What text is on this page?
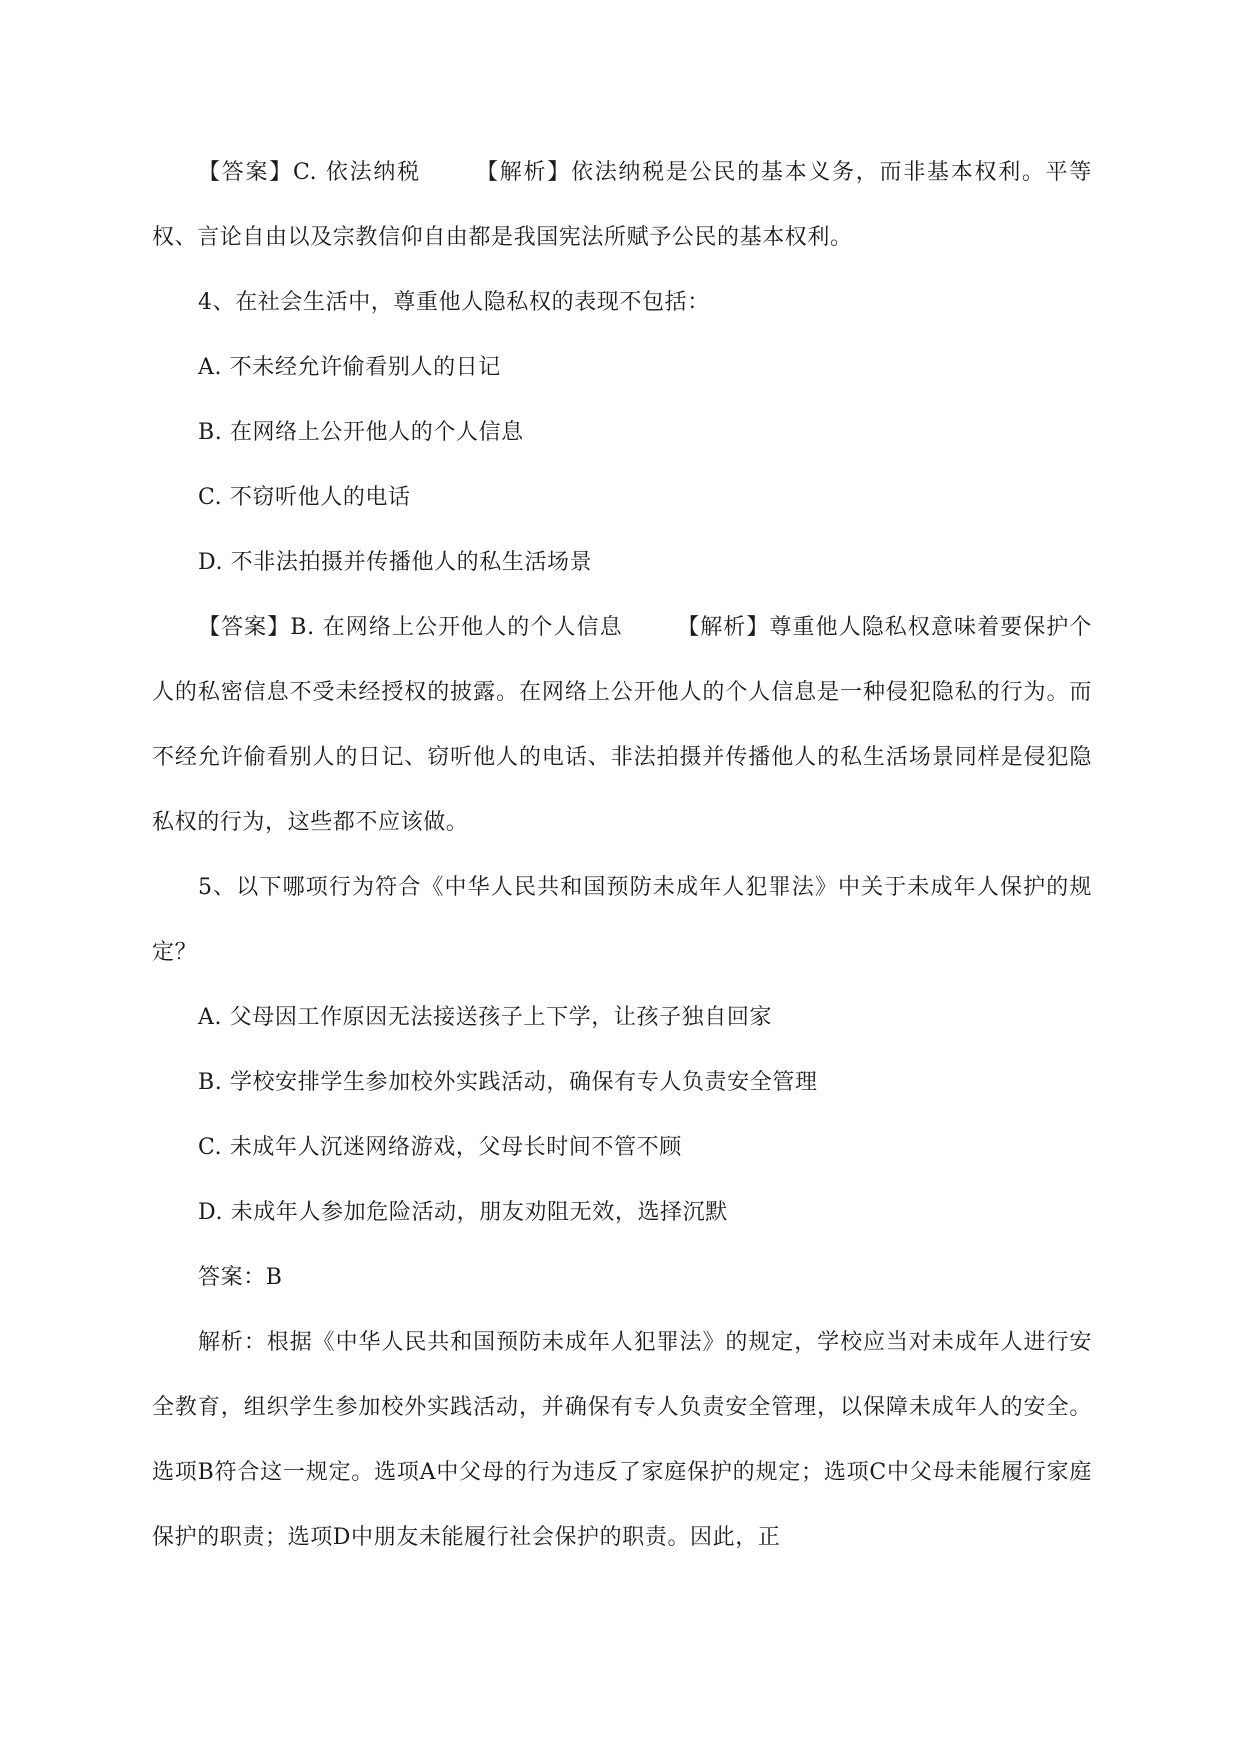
【答案】C. 依法纳税 【解析】依法纳税是公民的基本义务，而非基本权利。平等权、言论自由以及宗教信仰自由都是我国宪法所赋予公民的基本权利。

4、在社会生活中，尊重他人隐私权的表现不包括：

A. 不未经允许偷看别人的日记

B. 在网络上公开他人的个人信息

C. 不窃听他人的电话

D. 不非法拍摄并传播他人的私生活场景

【答案】B. 在网络上公开他人的个人信息 【解析】尊重他人隐私权意味着要保护个人的私密信息不受未经授权的披露。在网络上公开他人的个人信息是一种侵犯隐私的行为。而不经允许偷看别人的日记、窃听他人的电话、非法拍摄并传播他人的私生活场景同样是侵犯隐私权的行为，这些都不应该做。

5、以下哪项行为符合《中华人民共和国预防未成年人犯罪法》中关于未成年人保护的规定？

A. 父母因工作原因无法接送孩子上下学，让孩子独自回家

B. 学校安排学生参加校外实践活动，确保有专人负责安全管理

C. 未成年人沉迷网络游戏，父母长时间不管不顾

D. 未成年人参加危险活动，朋友劝阻无效，选择沉默

答案：B

解析：根据《中华人民共和国预防未成年人犯罪法》的规定，学校应当对未成年人进行安全教育，组织学生参加校外实践活动，并确保有专人负责安全管理，以保障未成年人的安全。选项B符合这一规定。选项A中父母的行为违反了家庭保护的规定；选项C中父母未能履行家庭保护的职责；选项D中朋友未能履行社会保护的职责。因此，正
